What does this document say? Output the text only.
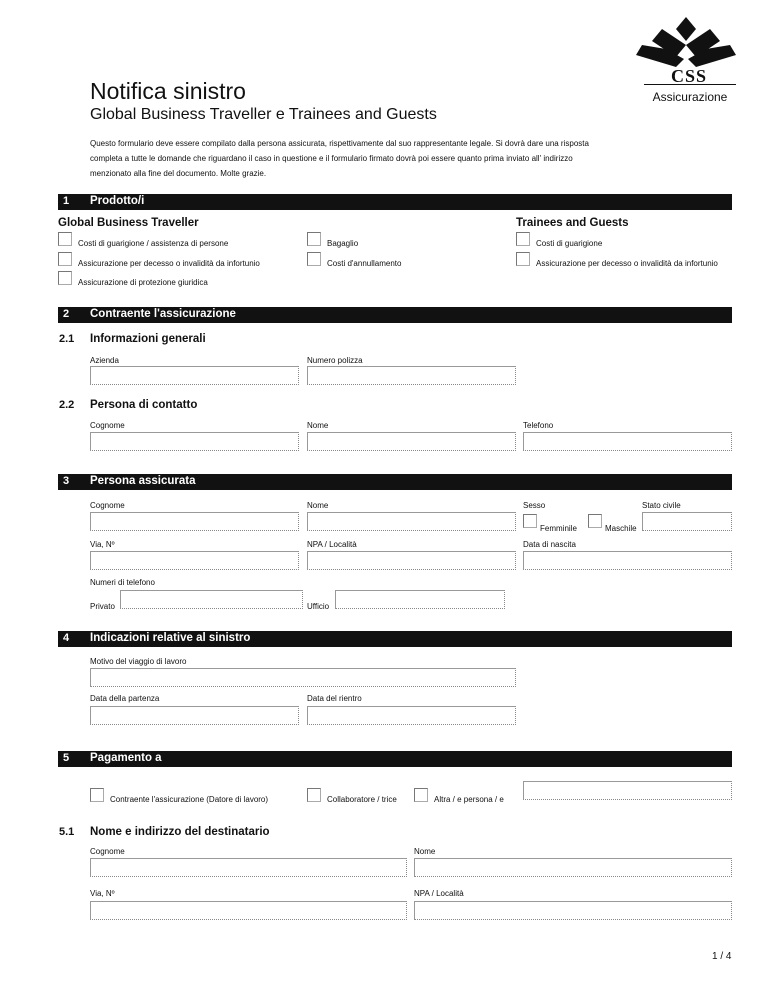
Notifica sinistro
Global Business Traveller e Trainees and Guests
Questo formulario deve essere compilato dalla persona assicurata, rispettivamente dal suo rappresentante legale. Si dovrà dare una risposta completa a tutte le domande che riguardano il caso in questione e il formulario firmato dovrà poi essere quanto prima inviato all' indirizzo menzionato alla fine del documento. Molte grazie.
CSS
Assicurazione
1 Prodotto/i
Global Business Traveller	Trainees and Guests
Costi di guarigione / assistenza di persone	Bagaglio	Costi di guarigione
Assicurazione per decesso o invalidità da infortunio	Costi d'annullamento	Assicurazione per decesso o invalidità da infortunio
Assicurazione di protezione giuridica
2 Contraente l'assicurazione
2.1 Informazioni generali
Azienda	Numero polizza
2.2 Persona di contatto
Cognome	Nome	Telefono
3 Persona assicurata
Cognome	Nome	Sesso	Stato civile
Femminile	Maschile
Via, Nº	NPA / Località	Data di nascita
Numeri di telefono
Privato	Ufficio
4 Indicazioni relative al sinistro
Motivo del viaggio di lavoro
Data della partenza	Data del rientro
5 Pagamento a
Contraente l'assicurazione (Datore di lavoro)	Collaboratore / trice	Altra / e persona / e
5.1 Nome e indirizzo del destinatario
Cognome	Nome
Via, Nº	NPA / Località
1 / 4
